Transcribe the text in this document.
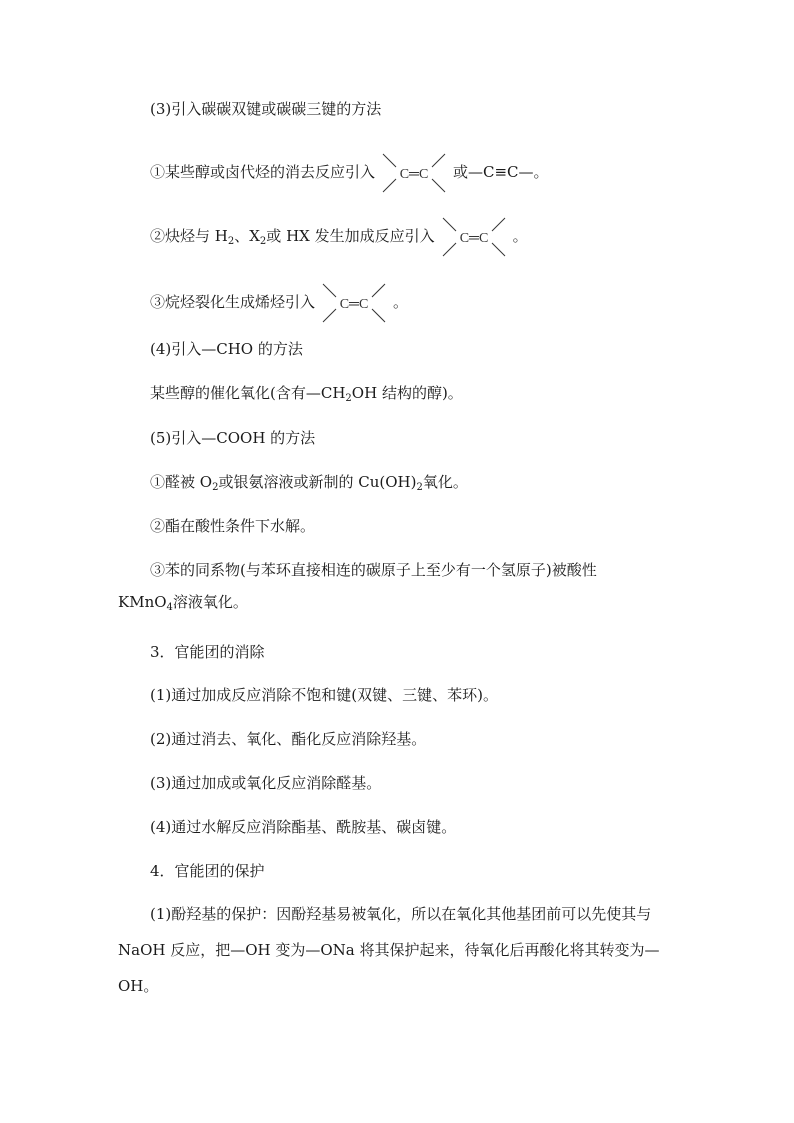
(3)引入碳碳双键或碳碳三键的方法
①某些醇或卤代烃的消去反应引入 C═C 或—C≡C—。
②炔烃与 $H_2$、$X_2$或 HX 发生加成反应引入 C═C 。
③烷烃裂化生成烯烃引入 C═C 。
(4)引入—CHO 的方法
某些醇的催化氧化(含有$—CH_2OH$ 结构的醇)。
(5)引入—COOH 的方法
①醛被 $O_2$或银氨溶液或新制的 $Cu(OH)_2$氧化。
②酯在酸性条件下水解。
③苯的同系物(与苯环直接相连的碳原子上至少有一个氢原子)被酸性
KMnO$_4$溶液氧化。
3．官能团的消除
(1)通过加成反应消除不饱和键(双键、三键、苯环)。
(2)通过消去、氧化、酯化反应消除羟基。
(3)通过加成或氧化反应消除醛基。
(4)通过水解反应消除酯基、酰胺基、碳卤键。
4．官能团的保护
(1)酚羟基的保护：因酚羟基易被氧化，所以在氧化其他基团前可以先使其与 NaOH 反应，把—OH 变为—ONa 将其保护起来，待氧化后再酸化将其转变为—OH。
